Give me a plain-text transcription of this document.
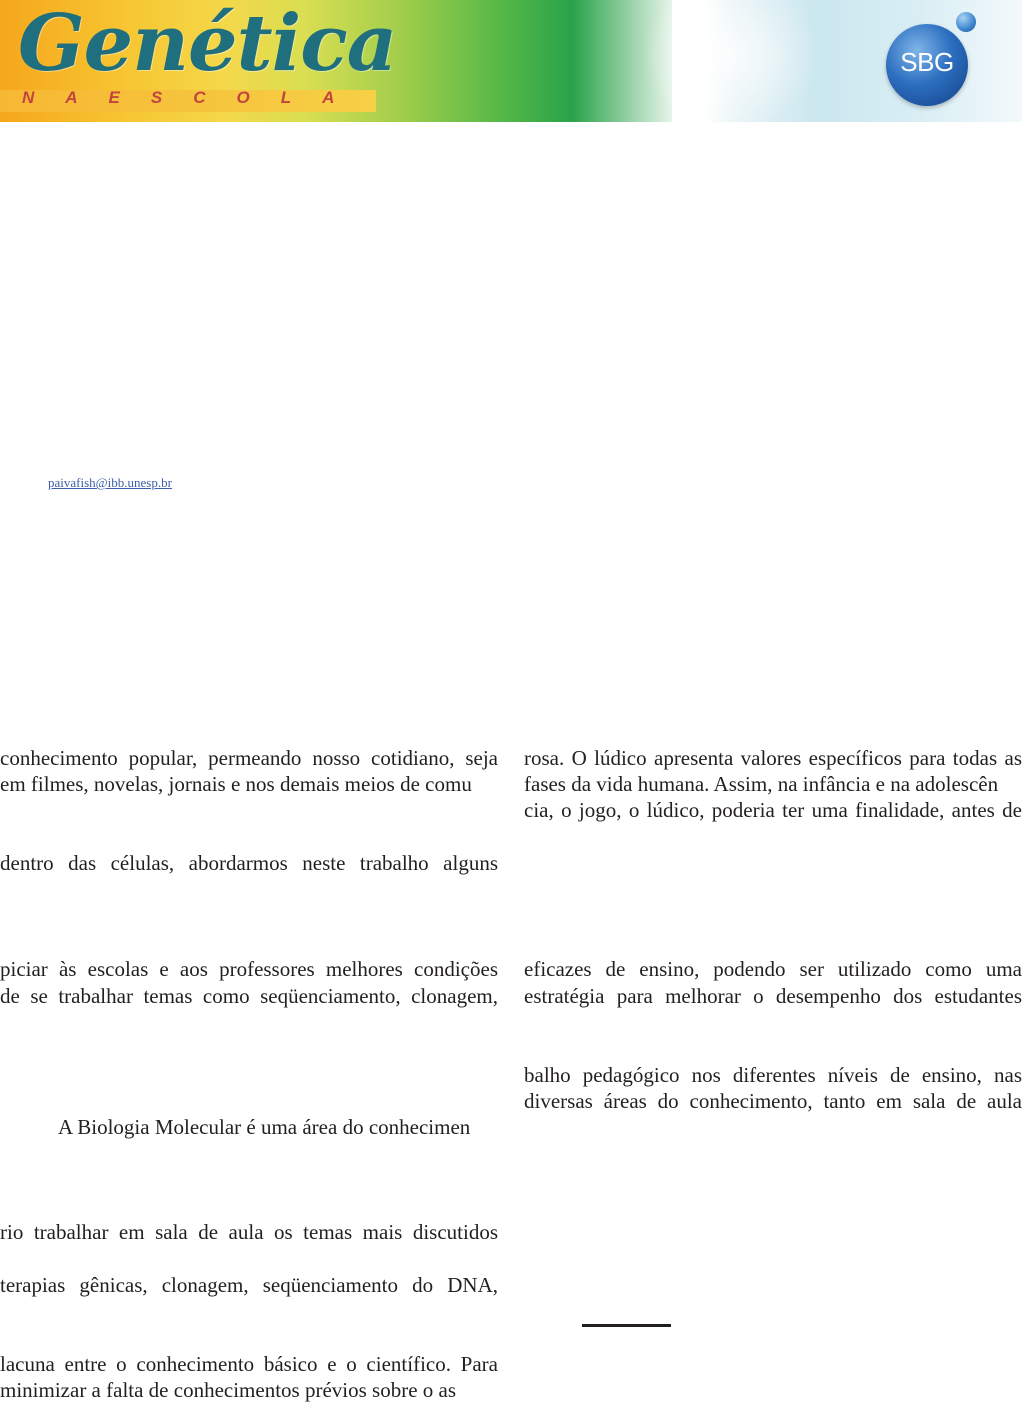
Genética

NAESCOLA

SBG

paivafish@ibb.unesp.br

conhecimento popular, permeando nosso cotidiano, seja

em filmes, novelas, jornais e nos demais meios de comu

dentro das células, abordarmos neste trabalho alguns

piciar às escolas e aos professores melhores condições

de se trabalhar temas como seqüenciamento, clonagem,

A Biologia Molecular é uma área do conhecimen

rio trabalhar em sala de aula os temas mais discutidos

terapias gênicas, clonagem, seqüenciamento do DNA,

lacuna entre o conhecimento básico e o científico. Para

minimizar a falta de conhecimentos prévios sobre o as

rosa. O lúdico apresenta valores específicos para todas as

fases da vida humana. Assim, na infância e na adolescên

cia, o jogo, o lúdico, poderia ter uma finalidade, antes de

eficazes de ensino, podendo ser utilizado como uma

estratégia para melhorar o desempenho dos estudantes

balho pedagógico nos diferentes níveis de ensino, nas

diversas áreas do conhecimento, tanto em sala de aula
